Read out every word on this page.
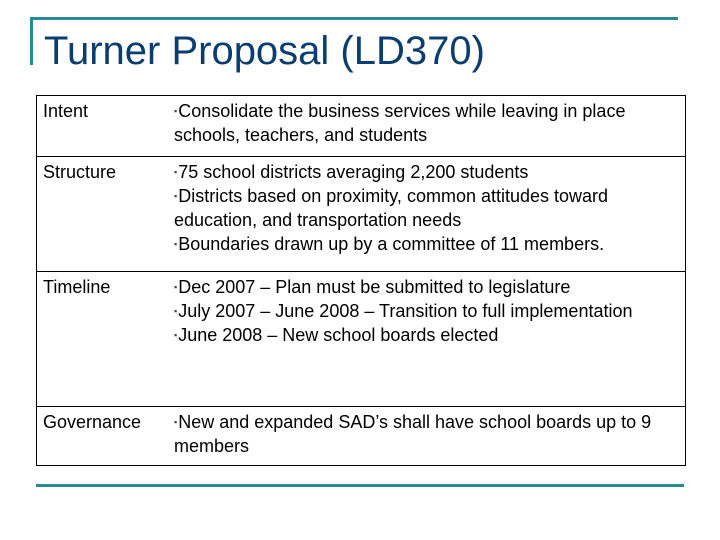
Turner Proposal (LD370)
Intent	▪Consolidate the business services while leaving in place schools, teachers, and students

Structure	▪75 school districts averaging 2,200 students
▪Districts based on proximity, common attitudes toward education, and transportation needs
▪Boundaries drawn up by a committee of 11 members.

Timeline	▪Dec 2007 – Plan must be submitted to legislature
▪July 2007 – June 2008 – Transition to full implementation
▪June 2008 – New school boards elected

Governance	▪New and expanded SAD’s shall have school boards up to 9 members
